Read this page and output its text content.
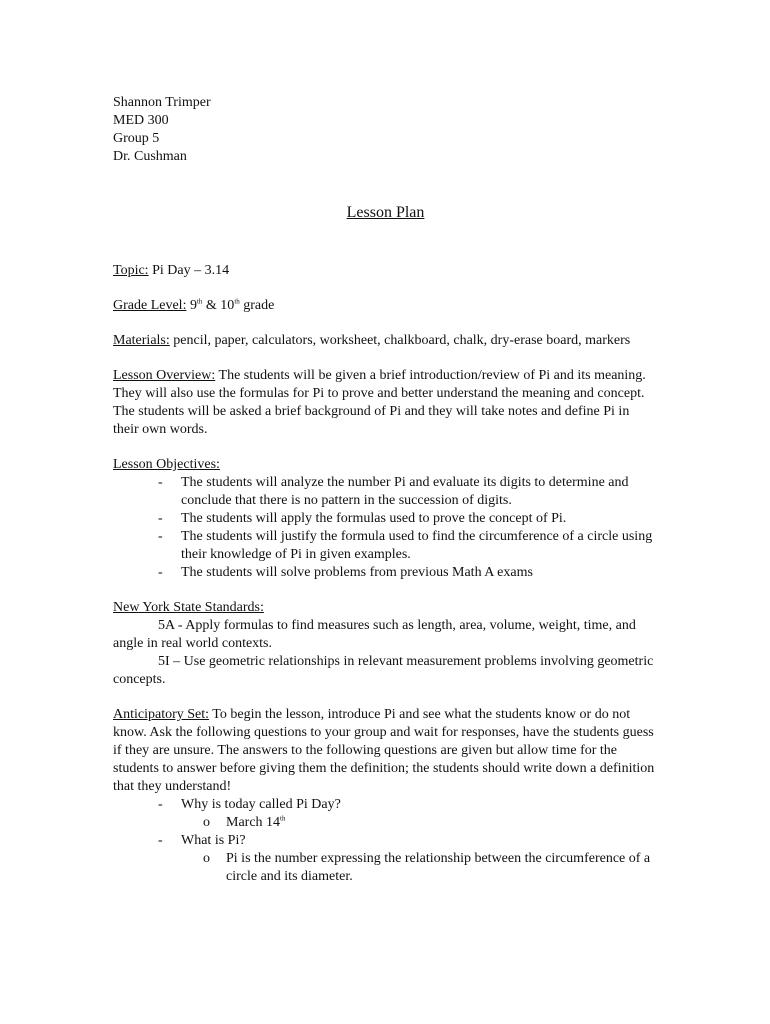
Shannon Trimper
MED 300
Group 5
Dr. Cushman
Lesson Plan
Topic: Pi Day – 3.14
Grade Level: 9th & 10th grade
Materials: pencil, paper, calculators, worksheet, chalkboard, chalk, dry-erase board, markers
Lesson Overview: The students will be given a brief introduction/review of Pi and its meaning. They will also use the formulas for Pi to prove and better understand the meaning and concept. The students will be asked a brief background of Pi and they will take notes and define Pi in their own words.
Lesson Objectives:
- The students will analyze the number Pi and evaluate its digits to determine and conclude that there is no pattern in the succession of digits.
- The students will apply the formulas used to prove the concept of Pi.
- The students will justify the formula used to find the circumference of a circle using their knowledge of Pi in given examples.
- The students will solve problems from previous Math A exams
New York State Standards:
5A - Apply formulas to find measures such as length, area, volume, weight, time, and angle in real world contexts.
5I – Use geometric relationships in relevant measurement problems involving geometric concepts.
Anticipatory Set: To begin the lesson, introduce Pi and see what the students know or do not know. Ask the following questions to your group and wait for responses, have the students guess if they are unsure. The answers to the following questions are given but allow time for the students to answer before giving them the definition; the students should write down a definition that they understand!
- Why is today called Pi Day?
o March 14th
- What is Pi?
o Pi is the number expressing the relationship between the circumference of a circle and its diameter.
